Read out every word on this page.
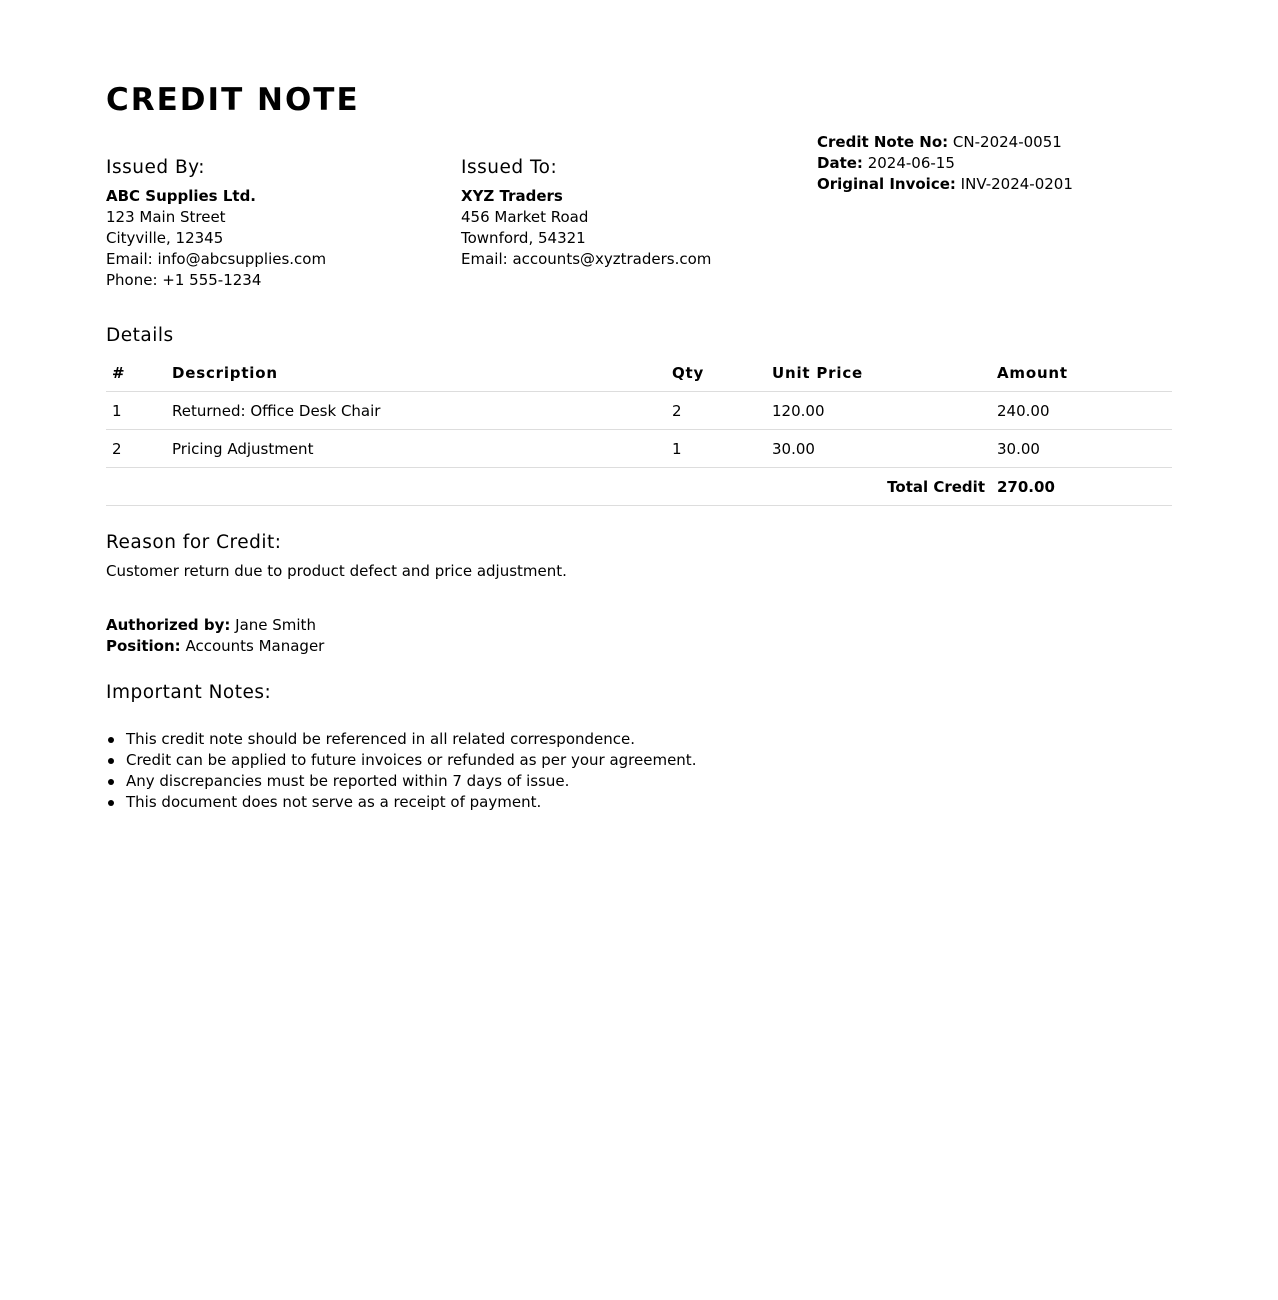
CREDIT NOTE
Issued By:
ABC Supplies Ltd.
123 Main Street
Cityville, 12345
Email: info@abcsupplies.com
Phone: +1 555-1234
Issued To:
XYZ Traders
456 Market Road
Townford, 54321
Email: accounts@xyztraders.com
Credit Note No: CN-2024-0051
Date: 2024-06-15
Original Invoice: INV-2024-0201
Details
#	Description	Qty	Unit Price	Amount
1	Returned: Office Desk Chair	2	120.00	240.00
2	Pricing Adjustment	1	30.00	30.00
Total Credit				270.00
Reason for Credit:
Customer return due to product defect and price adjustment.
Authorized by: Jane Smith
Position: Accounts Manager
Important Notes:
This credit note should be referenced in all related correspondence.
Credit can be applied to future invoices or refunded as per your agreement.
Any discrepancies must be reported within 7 days of issue.
This document does not serve as a receipt of payment.
